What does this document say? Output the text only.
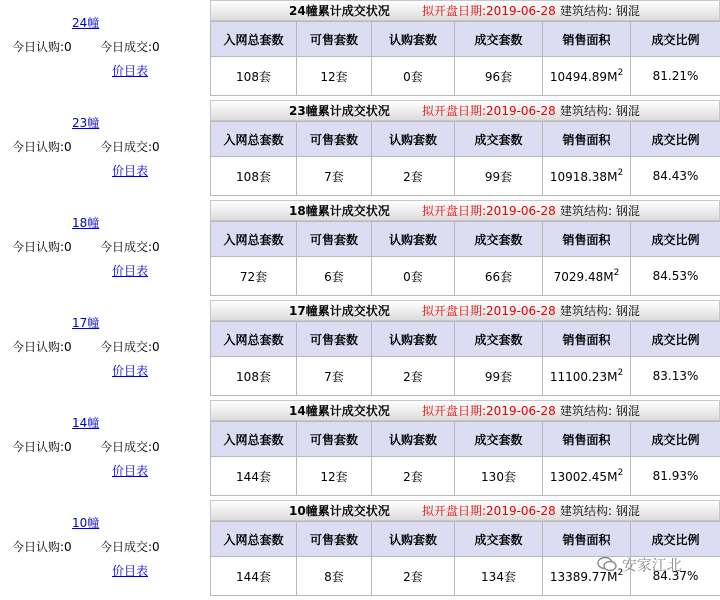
24幢
今日认购:0 今日成交:0
价目表
23幢
今日认购:0 今日成交:0
价目表
18幢
今日认购:0 今日成交:0
价目表
17幢
今日认购:0 今日成交:0
价目表
14幢
今日认购:0 今日成交:0
价目表
10幢
今日认购:0 今日成交:0
价目表
24幢累计成交状况	拟开盘日期:2019-06-28 建筑结构: 钢混
入网总套数	可售套数	认购套数	成交套数	销售面积	成交比例
108套	12套	0套	96套	$10494.89M^2$	81.21%
23幢累计成交状况	拟开盘日期:2019-06-28 建筑结构: 钢混
入网总套数	可售套数	认购套数	成交套数	销售面积	成交比例
108套	7套	2套	99套	$10918.38M^2$	84.43%
18幢累计成交状况	拟开盘日期:2019-06-28 建筑结构: 钢混
入网总套数	可售套数	认购套数	成交套数	销售面积	成交比例
72套	6套	0套	66套	$7029.48M^2$	84.53%
17幢累计成交状况	拟开盘日期:2019-06-28 建筑结构: 钢混
入网总套数	可售套数	认购套数	成交套数	销售面积	成交比例
108套	7套	2套	99套	$11100.23M^2$	83.13%
14幢累计成交状况	拟开盘日期:2019-06-28 建筑结构: 钢混
入网总套数	可售套数	认购套数	成交套数	销售面积	成交比例
144套	12套	2套	130套	$13002.45M^2$	81.93%
10幢累计成交状况	拟开盘日期:2019-06-28 建筑结构: 钢混
入网总套数	可售套数	认购套数	成交套数	销售面积	成交比例
144套	8套	2套	134套	$13389.77M^2$	84.37%
安家江北
